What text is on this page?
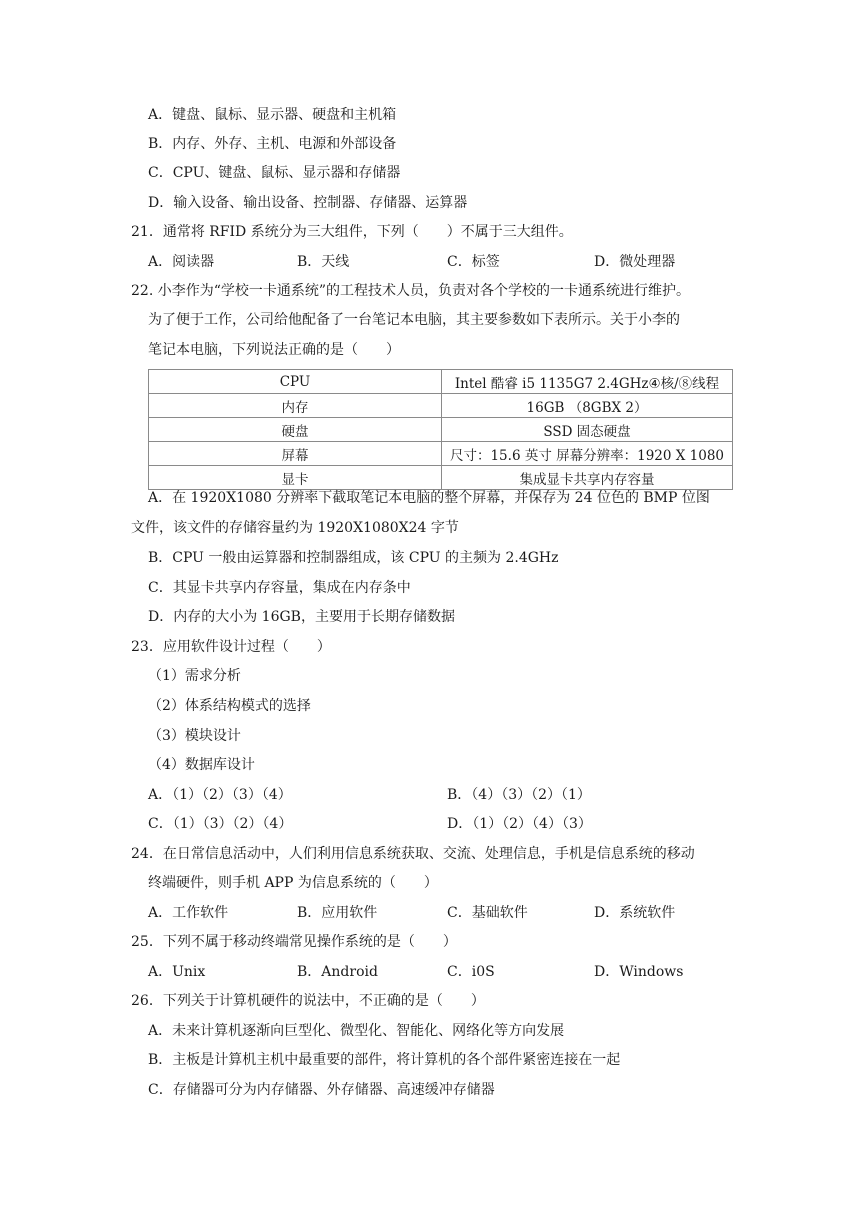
A．键盘、鼠标、显示器、硬盘和主机箱
B．内存、外存、主机、电源和外部设备
C．CPU、键盘、鼠标、显示器和存储器
D．输入设备、输出设备、控制器、存储器、运算器
21．通常将 RFID 系统分为三大组件，下列（　　）不属于三大组件。
A．阅读器	B．天线	C．标签	D．微处理器
22. 小李作为“学校一卡通系统”的工程技术人员，负责对各个学校的一卡通系统进行维护。
为了便于工作，公司给他配备了一台笔记本电脑，其主要参数如下表所示。关于小李的
笔记本电脑，下列说法正确的是（　　）
CPU	Intel 酷睿 i5 1135G7 2.4GHz④核/⑧线程
内存	16GB （8GBX 2）
硬盘	SSD 固态硬盘
屏幕	尺寸：15.6 英寸 屏幕分辨率：1920 X 1080
显卡	集成显卡共享内存容量
A．在 1920X1080 分辨率下截取笔记本电脑的整个屏幕，并保存为 24 位色的 BMP 位图
文件，该文件的存储容量约为 1920X1080X24 字节
B．CPU 一般由运算器和控制器组成，该 CPU 的主频为 2.4GHz
C．其显卡共享内存容量，集成在内存条中
D．内存的大小为 16GB，主要用于长期存储数据
23．应用软件设计过程（　　）
（1）需求分析
（2）体系结构模式的选择
（3）模块设计
（4）数据库设计
A．（1）（2）（3）（4）	B．（4）（3）（2）（1）
C．（1）（3）（2）（4）	D．（1）（2）（4）（3）
24．在日常信息活动中，人们利用信息系统获取、交流、处理信息，手机是信息系统的移动
终端硬件，则手机 APP 为信息系统的（　　）
A．工作软件	B．应用软件	C．基础软件	D．系统软件
25．下列不属于移动终端常见操作系统的是（　　）
A．Unix	B．Android	C．i0S	D．Windows
26．下列关于计算机硬件的说法中，不正确的是（　　）
A．未来计算机逐渐向巨型化、微型化、智能化、网络化等方向发展
B．主板是计算机主机中最重要的部件，将计算机的各个部件紧密连接在一起
C．存储器可分为内存储器、外存储器、高速缓冲存储器
